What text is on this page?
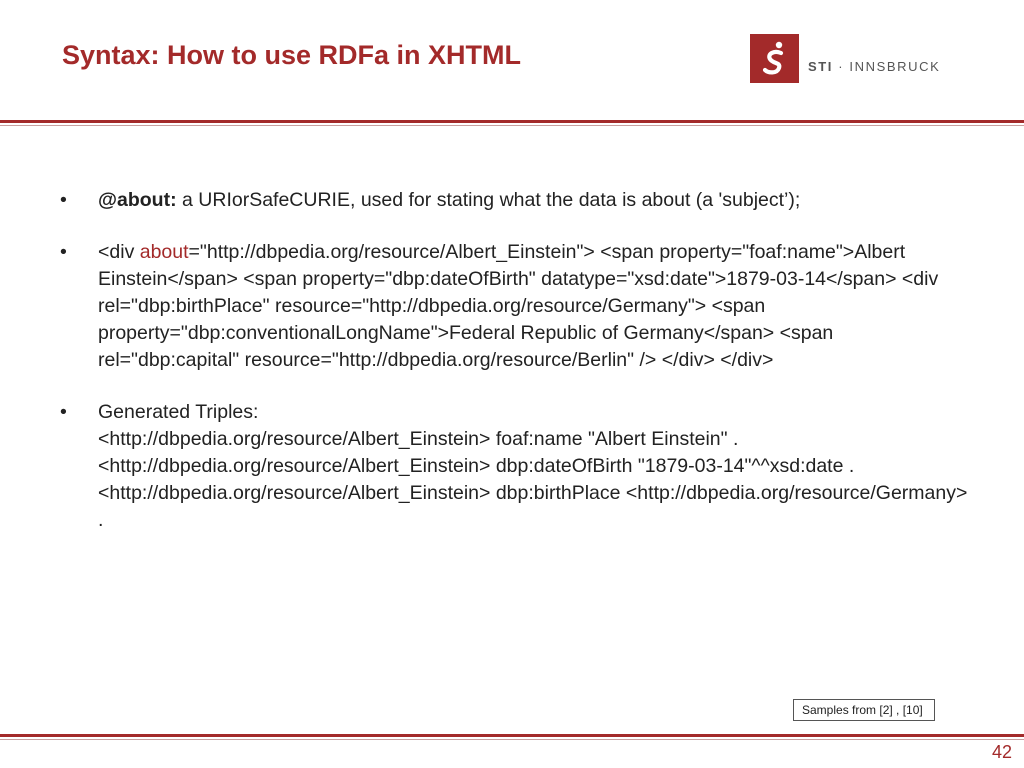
Syntax: How to use RDFa in XHTML	STI · INNSBRUCK
• @about: a URIorSafeCURIE, used for stating what the data is about (a 'subject’);
• <div about="http://dbpedia.org/resource/Albert_Einstein"> <span property="foaf:name">Albert Einstein</span> <span property="dbp:dateOfBirth" datatype="xsd:date">1879-03-14</span> <div rel="dbp:birthPlace" resource="http://dbpedia.org/resource/Germany"> <span property="dbp:conventionalLongName">Federal Republic of Germany</span> <span rel="dbp:capital" resource="http://dbpedia.org/resource/Berlin" /> </div> </div>
• Generated Triples:
<http://dbpedia.org/resource/Albert_Einstein> foaf:name "Albert Einstein" . <http://dbpedia.org/resource/Albert_Einstein> dbp:dateOfBirth "1879-03-14"^^xsd:date . <http://dbpedia.org/resource/Albert_Einstein> dbp:birthPlace <http://dbpedia.org/resource/Germany> .
Samples from [2] , [10]
42
